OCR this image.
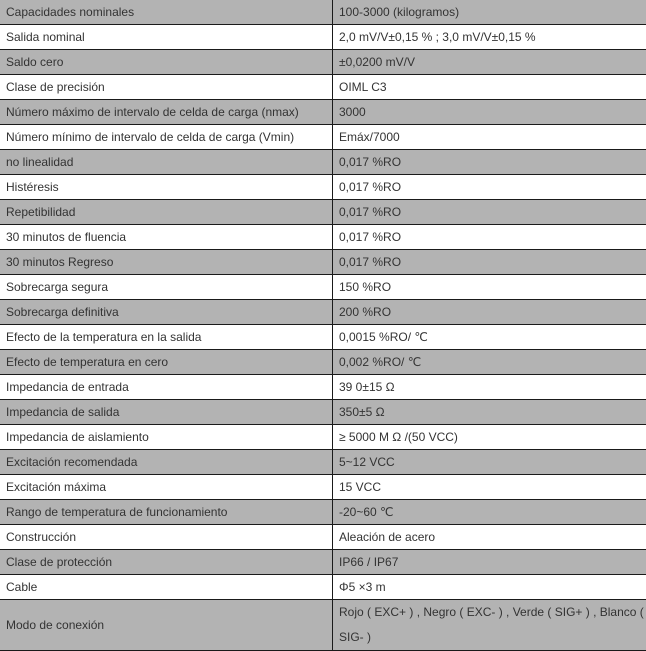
Capacidades nominales	100-3000 (kilogramos)
Salida nominal	2,0 mV/V±0,15 % ; 3,0 mV/V±0,15 %
Saldo cero	±0,0200 mV/V
Clase de precisión	OIML C3
Número máximo de intervalo de celda de carga (nmax)	3000
Número mínimo de intervalo de celda de carga (Vmin)	Emáx/7000
no linealidad	0,017 %RO
Histéresis	0,017 %RO
Repetibilidad	0,017 %RO
30 minutos de fluencia	0,017 %RO
30 minutos Regreso	0,017 %RO
Sobrecarga segura	150 %RO
Sobrecarga definitiva	200 %RO
Efecto de la temperatura en la salida	0,0015 %RO/ ℃
Efecto de temperatura en cero	0,002 %RO/ ℃
Impedancia de entrada	39 0±15 Ω
Impedancia de salida	350±5 Ω
Impedancia de aislamiento	≥ 5000 M Ω /(50 VCC)
Excitación recomendada	5~12 VCC
Excitación máxima	15 VCC
Rango de temperatura de funcionamiento	-20~60 ℃
Construcción	Aleación de acero
Clase de protección	IP66 / IP67
Cable	Φ5 ×3 m
Modo de conexión	Rojo ( EXC+ ) , Negro ( EXC- ) , Verde ( SIG+ ) , Blanco ( SIG- )
